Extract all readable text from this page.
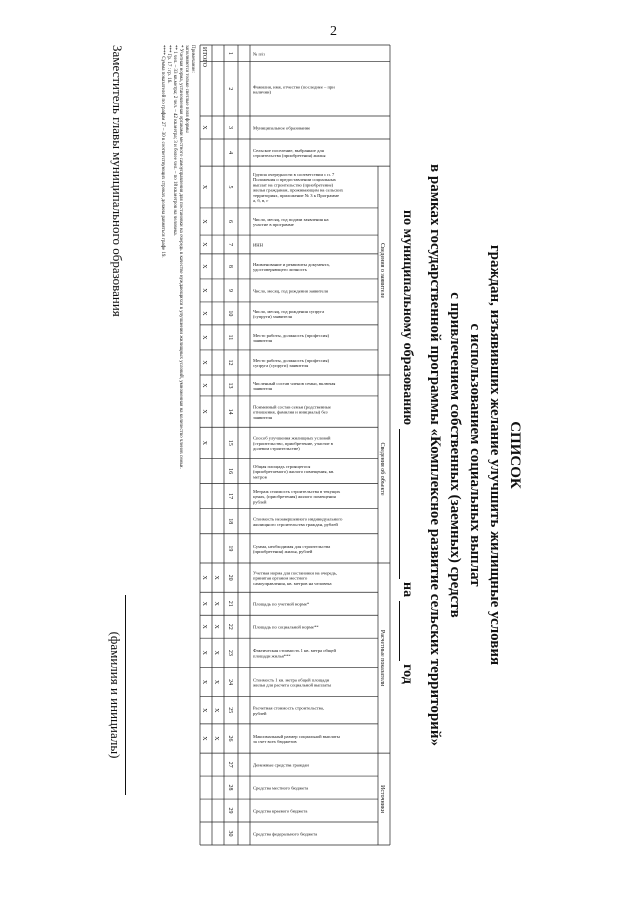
2
СПИСОК
граждан, изъявивших желание улучшить жилищные условия
с использованием социальных выплат
с привлечением собственных (заемных) средств
в рамках государственной программы «Комплексное развитие сельских территорий»
по муниципальному образованию  на  год
Сведения о заявителе
Сведения об объекте
Расчетные показатели
Источники
№ п/п
1
Фамилия, имя, отчество (последнее – при
наличии)
2
Муниципальное образование
3
Сельское поселение, выбранное для
строительства (приобретения) жилья
4
Группа очередности в соответствии с п. 7
Положения о предоставлении социальных
выплат на строительство (приобретение)
жилья гражданам, проживающим на сельских
территориях, приложение № 3 к Программе
а, б, в, г
5
Число, месяц, год подачи заявления на
участие в программе
6
ИНН
7
Наименование и реквизиты документа,
удостоверяющего личность
8
Число, месяц, год рождения заявителя
9
Число, месяц, год рождения супруга
(супруги) заявителя
10
Место работы, должность (профессия)
заявителя
11
Место работы, должность (профессия)
супруга (супруги) заявителя
12
Численный состав членов семьи, включая
заявителя
13
Поименный состав семьи (родственные
отношения, фамилия и инициалы) без
заявителя
14
Способ улучшения жилищных условий
(строительство, приобретение, участие в
долевом строительстве)
15
Общая площадь строящегося
(приобретаемого) жилого помещения, кв.
метров
16
Метраж стоимость строительства в текущих
ценах, (приобретения) жилого помещения
рублей
17
Стоимость незавершенного индивидуального
жилищного строительства граждан, рублей
18
Сумма, необходимая для строительства
(приобретения) жилья, рублей
19
Учетная норма для постановки на очередь,
принятая органом местного
самоуправления, кв. метров на человека
20
Площадь по учетной норме*
21
Площадь по социальной норме**
22
Фактическая стоимость 1 кв. метра общей
площади жилья***
23
Стоимость 1 кв. метра общей площади
жилья для расчета социальной выплаты
24
Расчетная стоимость строительства,
рублей
25
Максимальный размер социальной выплаты
за счет всех бюджетов
26
Денежные средства граждан
27
Средства местного бюджета
28
Средства краевого бюджета
29
Средства федерального бюджета
30
ИТОГО
X
X
X
X
X
X
X
X
X
X
X
X
X
X
X
X
X
X
X
X
X
X
X
X
X
X
Примечание:
заполняются только светлые поля формы
* Учетная норма, установленная органами местного самоуправления для постановки на очередь в качестве нуждающихся в улучшении жилищных условий, умноженная на количество членов семьи.
** 1 чел. – 33 кв.метра; 2 чел. – 42 кв.метра; 3 и более чел. – по 18 кв.метров на человека.
*** Гр. 17 : гр. 16.
**** Сумма показателей по графам 27 – 30 в соответствующих строках должна равняться графе 19.
Заместитель главы муниципального образования
(фамилия и инициалы)
